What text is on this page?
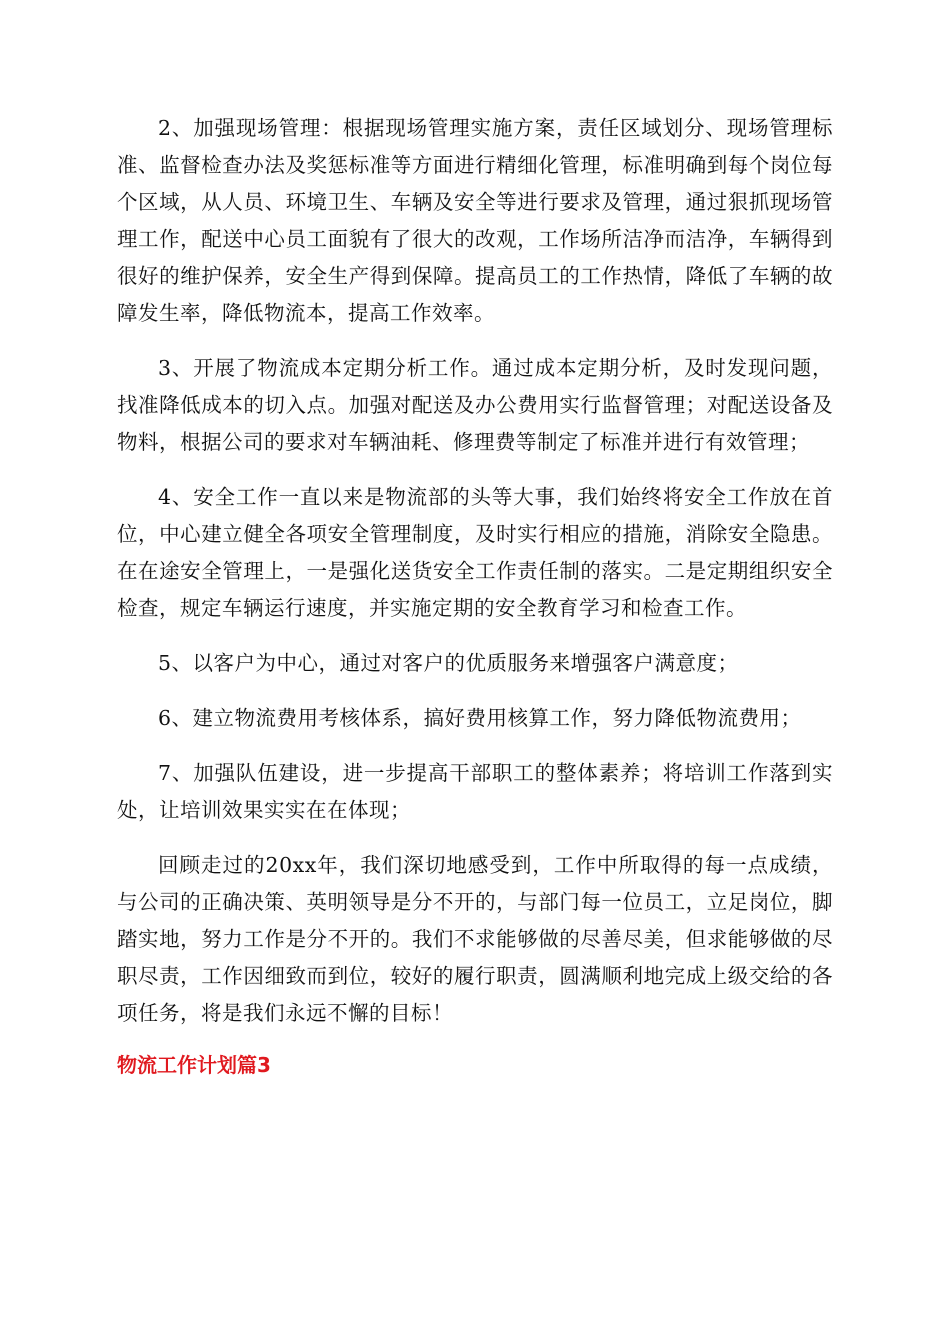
2、加强现场管理：根据现场管理实施方案，责任区域划分、现场管理标准、监督检查办法及奖惩标准等方面进行精细化管理，标准明确到每个岗位每个区域，从人员、环境卫生、车辆及安全等进行要求及管理，通过狠抓现场管理工作，配送中心员工面貌有了很大的改观，工作场所洁净而洁净，车辆得到很好的维护保养，安全生产得到保障。提高员工的工作热情，降低了车辆的故障发生率，降低物流本，提高工作效率。

3、开展了物流成本定期分析工作。通过成本定期分析，及时发现问题，找准降低成本的切入点。加强对配送及办公费用实行监督管理；对配送设备及物料，根据公司的要求对车辆油耗、修理费等制定了标准并进行有效管理；

4、安全工作一直以来是物流部的头等大事，我们始终将安全工作放在首位，中心建立健全各项安全管理制度，及时实行相应的措施，消除安全隐患。在在途安全管理上，一是强化送货安全工作责任制的落实。二是定期组织安全检查，规定车辆运行速度，并实施定期的安全教育学习和检查工作。

5、以客户为中心，通过对客户的优质服务来增强客户满意度；

6、建立物流费用考核体系，搞好费用核算工作，努力降低物流费用；

7、加强队伍建设，进一步提高干部职工的整体素养；将培训工作落到实处，让培训效果实实在在体现；

回顾走过的20xx年，我们深切地感受到，工作中所取得的每一点成绩，与公司的正确决策、英明领导是分不开的，与部门每一位员工，立足岗位，脚踏实地，努力工作是分不开的。我们不求能够做的尽善尽美，但求能够做的尽职尽责，工作因细致而到位，较好的履行职责，圆满顺利地完成上级交给的各项任务，将是我们永远不懈的目标！

物流工作计划篇3
